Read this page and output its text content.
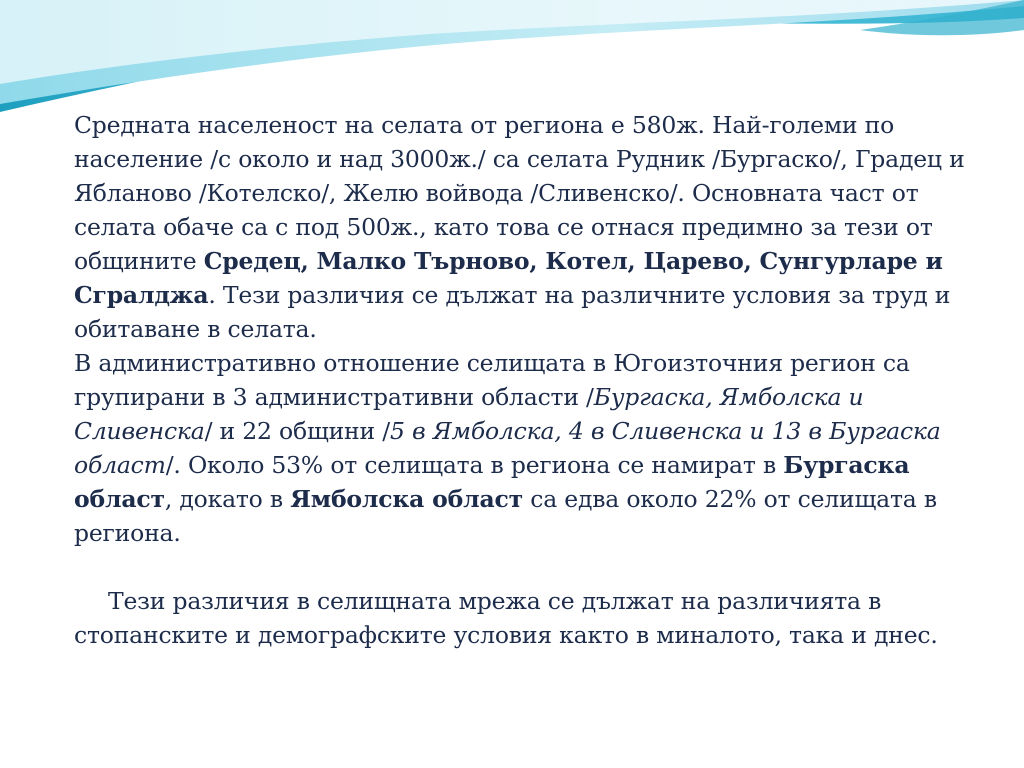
Средната населеност на селата от региона е 580ж. Най-големи по население /с около и над 3000ж./ са селата Рудник /Бургаско/, Градец и Ябланово /Котелско/, Желю войвода /Сливенско/. Основната част от селата обаче са с под 500ж., като това се отнася предимно за тези от общините Средец, Малко Търново, Котел, Царево, Сунгурларе и Сгралджа. Тези различия се дължат на различните условия за труд и обитаване в селата.

В административно отношение селищата в Югоизточния регион са групирани в 3 административни области /Бургаска, Ямболска и Сливенска/ и 22 общини /5 в Ямболска, 4 в Сливенска и 13 в Бургаска област/. Около 53% от селищата в региона се намират в Бургаска област, докато в Ямболска област са едва около 22% от селищата в региона.

Тези различия в селищната мрежа се дължат на различията в стопанските и демографските условия както в миналото, така и днес.
